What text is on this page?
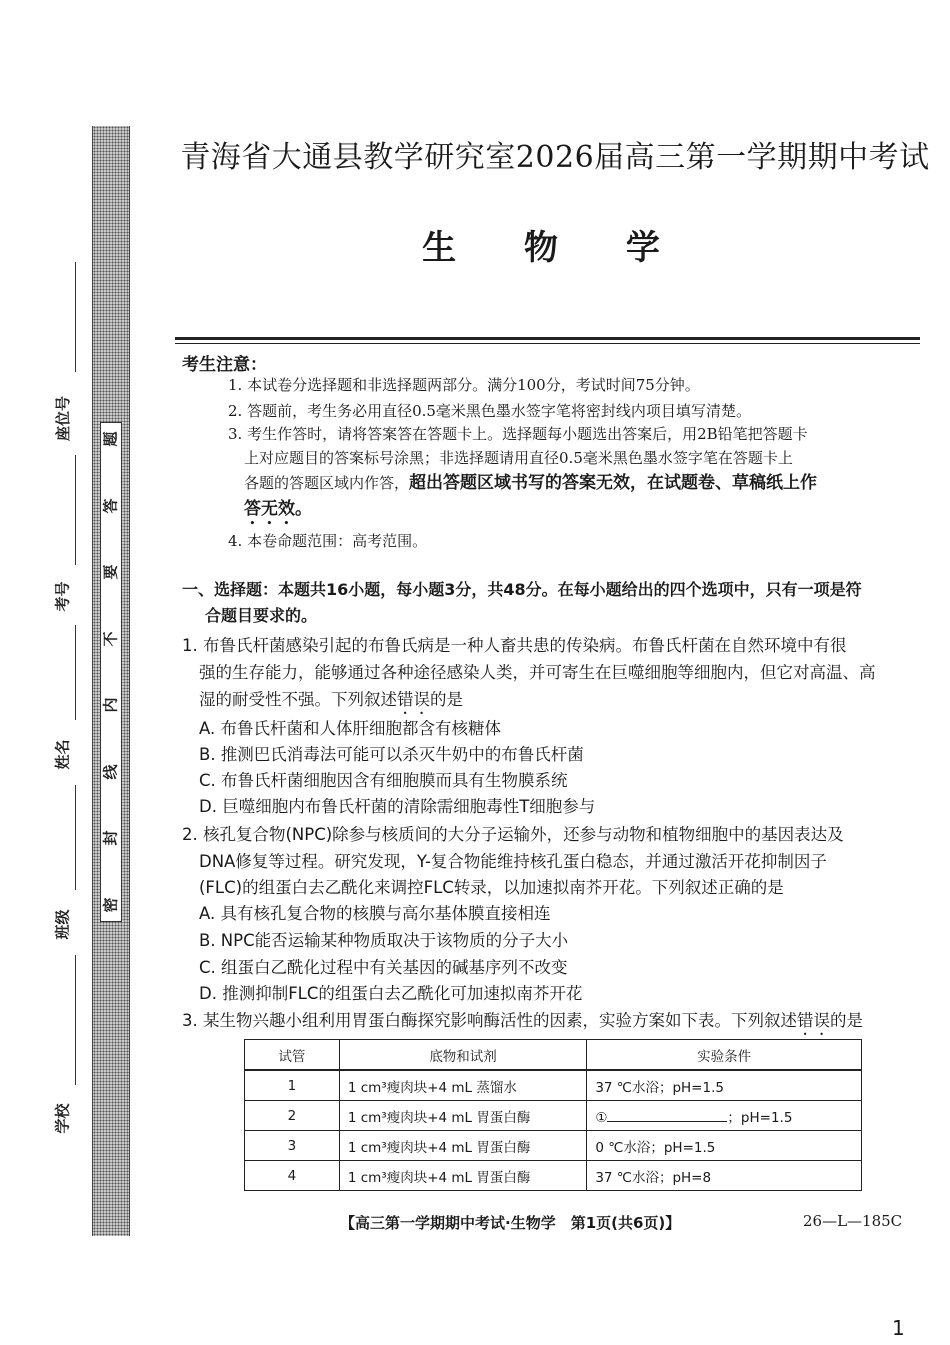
题
答
要
不
内
线
封
密
座位号
考号
姓名
班级
学校
青海省大通县教学研究室2026届高三第一学期期中考试
生 物 学
考生注意：
1. 本试卷分选择题和非选择题两部分。满分100分，考试时间75分钟。
2. 答题前，考生务必用直径0.5毫米黑色墨水签字笔将密封线内项目填写清楚。
3. 考生作答时，请将答案答在答题卡上。选择题每小题选出答案后，用2B铅笔把答题卡
上对应题目的答案标号涂黑；非选择题请用直径0.5毫米黑色墨水签字笔在答题卡上
各题的答题区域内作答，超出答题区域书写的答案无效，在试题卷、草稿纸上作
答无效。
4. 本卷命题范围：高考范围。
一、选择题：本题共16小题，每小题3分，共48分。在每小题给出的四个选项中，只有一项是符
合题目要求的。
1. 布鲁氏杆菌感染引起的布鲁氏病是一种人畜共患的传染病。布鲁氏杆菌在自然环境中有很
强的生存能力，能够通过各种途径感染人类，并可寄生在巨噬细胞等细胞内，但它对高温、高
湿的耐受性不强。下列叙述错误的是
A. 布鲁氏杆菌和人体肝细胞都含有核糖体
B. 推测巴氏消毒法可能可以杀灭牛奶中的布鲁氏杆菌
C. 布鲁氏杆菌细胞因含有细胞膜而具有生物膜系统
D. 巨噬细胞内布鲁氏杆菌的清除需细胞毒性T细胞参与
2. 核孔复合物(NPC)除参与核质间的大分子运输外，还参与动物和植物细胞中的基因表达及
DNA修复等过程。研究发现，Y-复合物能维持核孔蛋白稳态，并通过激活开花抑制因子
(FLC)的组蛋白去乙酰化来调控FLC转录，以加速拟南芥开花。下列叙述正确的是
A. 具有核孔复合物的核膜与高尔基体膜直接相连
B. NPC能否运输某种物质取决于该物质的分子大小
C. 组蛋白乙酰化过程中有关基因的碱基序列不改变
D. 推测抑制FLC的组蛋白去乙酰化可加速拟南芥开花
3. 某生物兴趣小组利用胃蛋白酶探究影响酶活性的因素，实验方案如下表。下列叙述错误的是
试管	底物和试剂	实验条件
1	1 cm³瘦肉块+4 mL 蒸馏水	37 ℃水浴；pH=1.5
2	1 cm³瘦肉块+4 mL 胃蛋白酶	① ；pH=1.5
3	1 cm³瘦肉块+4 mL 胃蛋白酶	0 ℃水浴；pH=1.5
4	1 cm³瘦肉块+4 mL 胃蛋白酶	37 ℃水浴；pH=8
【高三第一学期期中考试·生物学　第1页(共6页)】	26—L—185C
1
